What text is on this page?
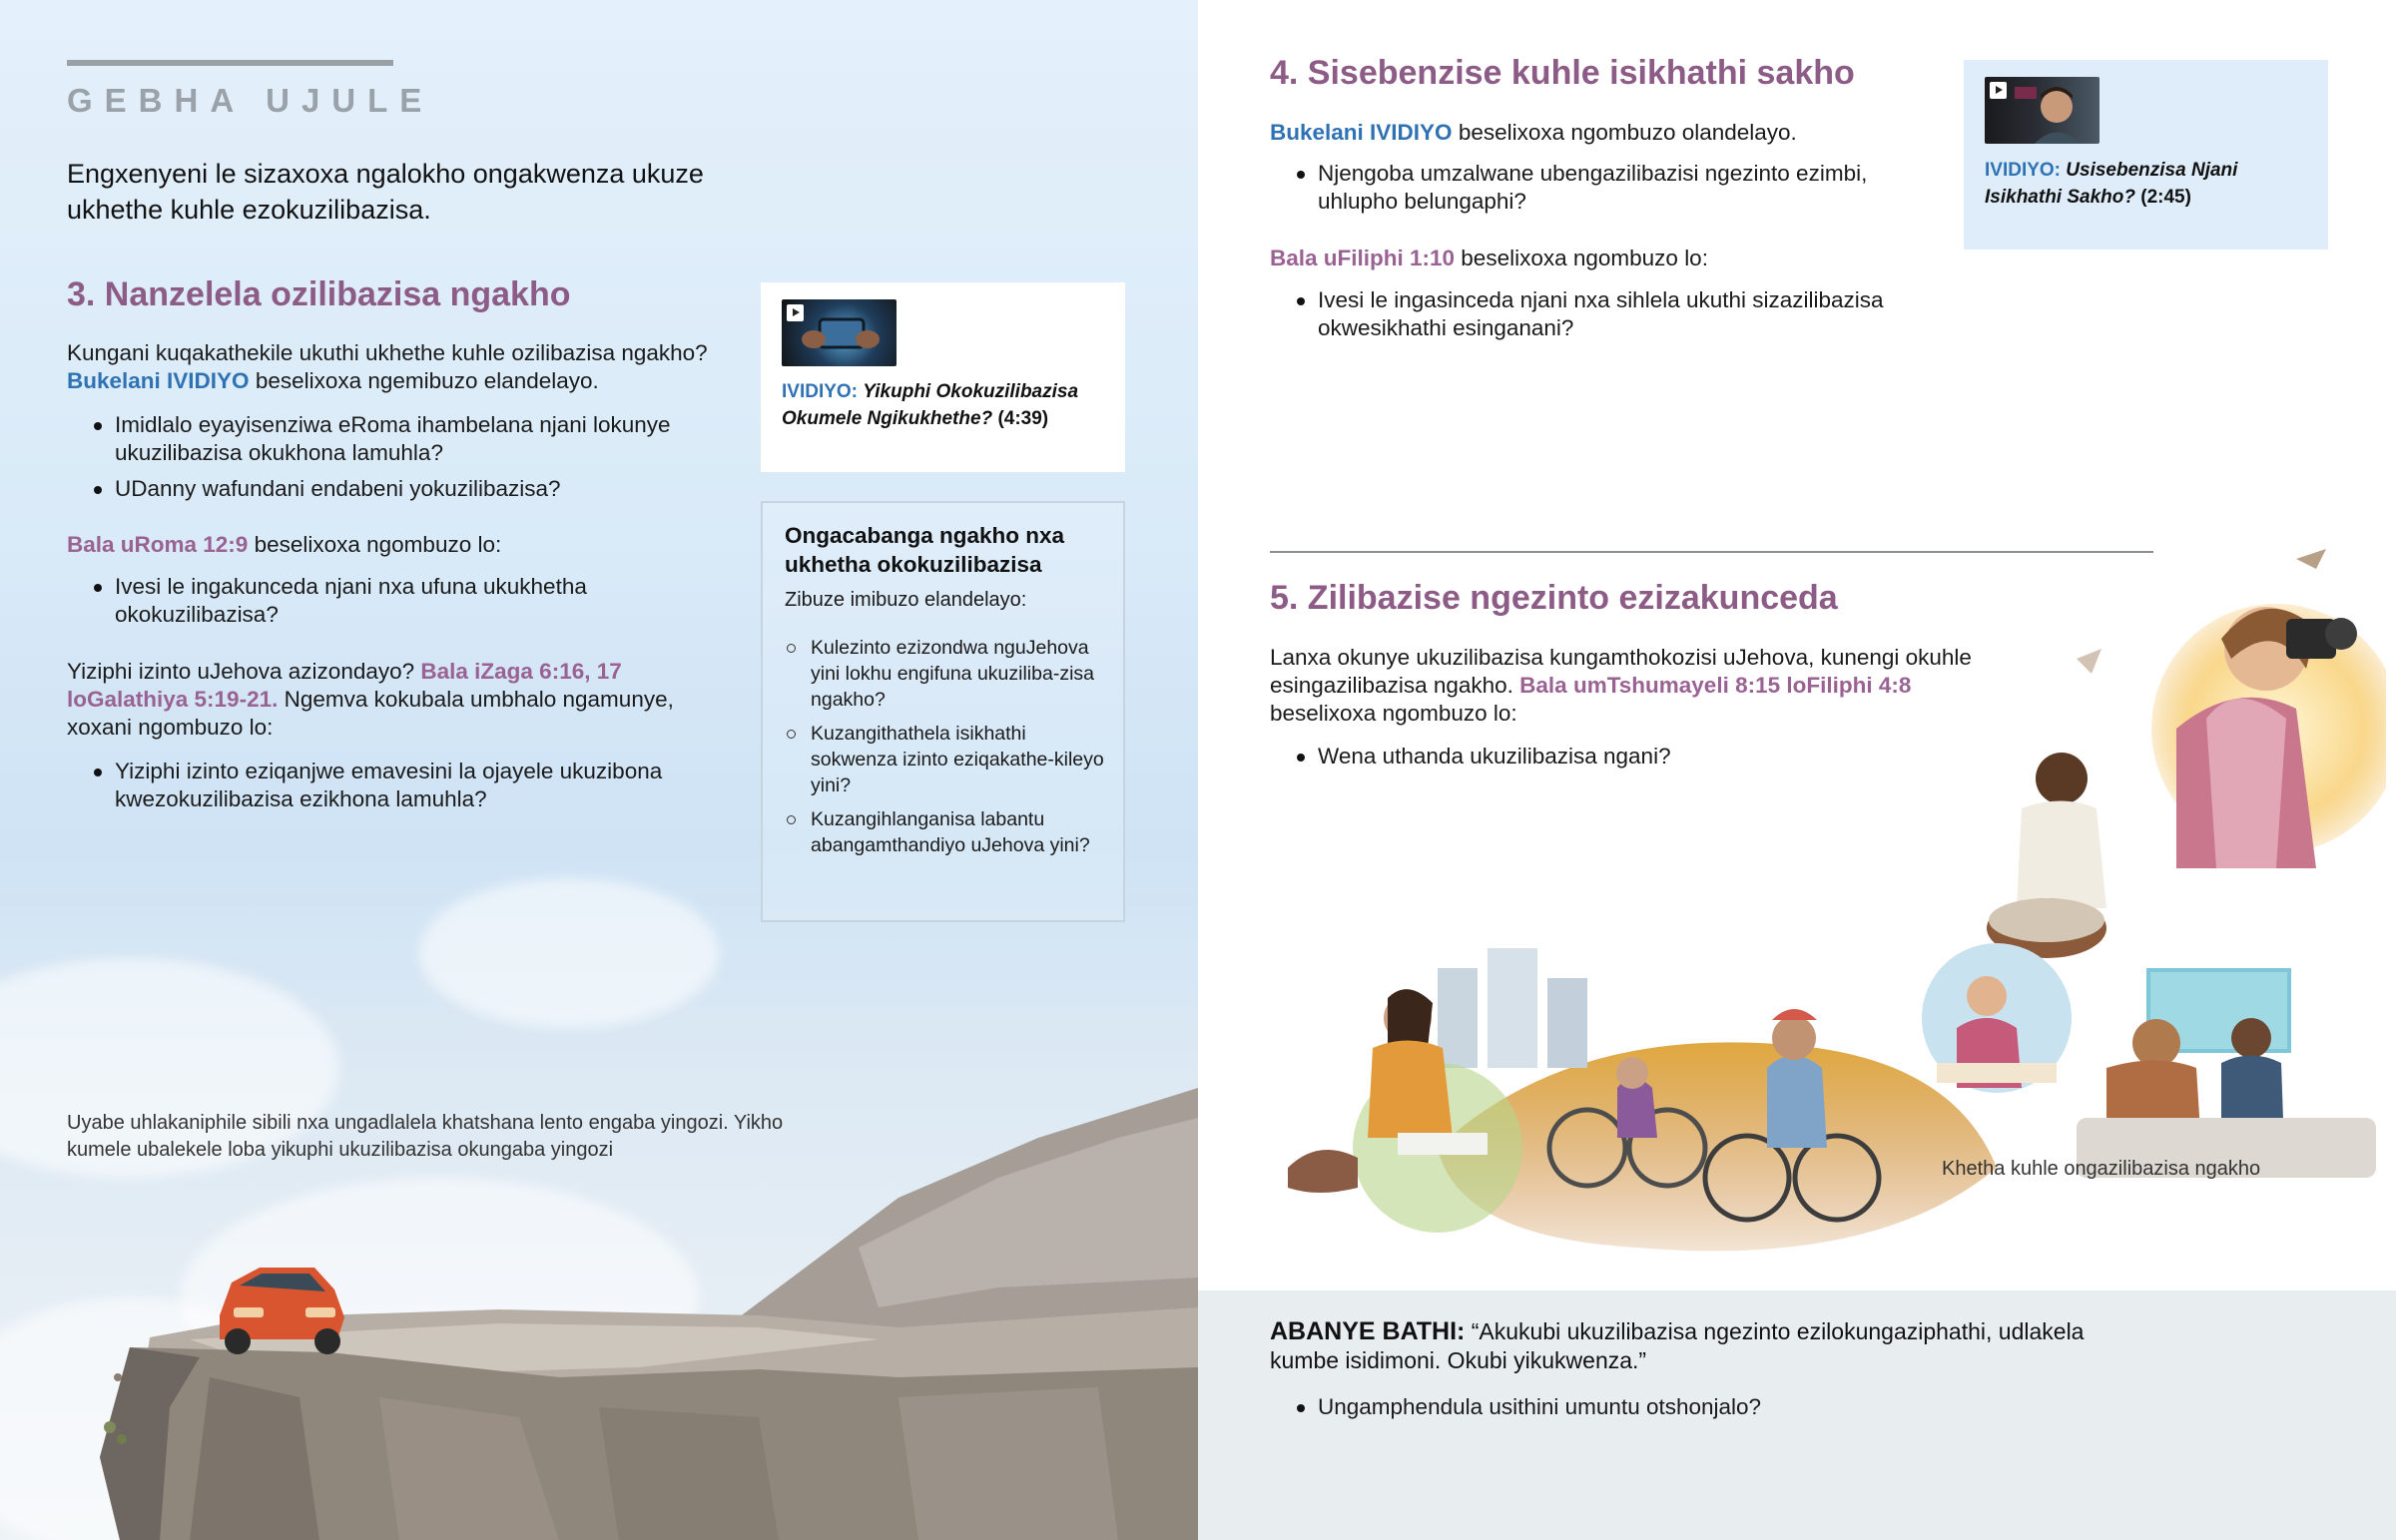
GEBHA UJULE
Engxenyeni le sizaxoxa ngalokho ongakwenza ukuze ukhethe kuhle ezokuzilibazisa.
3. Nanzelela ozilibazisa ngakho
Kungani kuqakathekile ukuthi ukhethe kuhle ozilibazisa ngakho?
Bukelani IVIDIYO beselixoxa ngemibuzo elandelayo.
Imidlalo eyayisenziwa eRoma ihambelana njani lokunye ukuzilibazisa okukhona lamuhla?
UDanny wafundani endabeni yokuzilibazisa?
Bala uRoma 12:9 beselixoxa ngombuzo lo:
Ivesi le ingakunceda njani nxa ufuna ukukhetha okokuzilibazisa?
Yiziphi izinto uJehova azizondayo? Bala iZaga 6:16, 17 loGalathiya 5:19-21. Ngemva kokubala umbhalo ngamunye, xoxani ngombuzo lo:
Yiziphi izinto eziqanjwe emavesini la ojayele ukuzibona kwezokuzilibazisa ezikhona lamuhla?
IVIDIYO: Yikuphi Okokuzilibazisa Okumele Ngikukhethe? (4:39)
Ongacabanga ngakho nxa ukhetha okokuzilibazisa
Zibuze imibuzo elandelayo:
Kulezinto ezizondwa nguJehova yini lokhu engifuna ukuziliba-zisa ngakho?
Kuzangithathela isikhathi sokwenza izinto eziqakathe-kileyo yini?
Kuzangihlanganisa labantu abangamthandiyo uJehova yini?
Uyabe uhlakaniphile sibili nxa ungadlalela khatshana lento engaba yingozi. Yikho kumele ubalekele loba yikuphi ukuzilibazisa okungaba yingozi
4. Sisebenzise kuhle isikhathi sakho
Bukelani IVIDIYO beselixoxa ngombuzo olandelayo.
Njengoba umzalwane ubengazilibazisi ngezinto ezimbi, uhlupho belungaphi?
Bala uFiliphi 1:10 beselixoxa ngombuzo lo:
Ivesi le ingasinceda njani nxa sihlela ukuthi sizazilibazisa okwesikhathi esinganani?
IVIDIYO: Usisebenzisa Njani Isikhathi Sakho? (2:45)
5. Zilibazise ngezinto ezizakunceda
Lanxa okunye ukuzilibazisa kungamthokozisi uJehova, kunengi okuhle esingazilibazisa ngakho. Bala umTshumayeli 8:15 loFiliphi 4:8 beselixoxa ngombuzo lo:
Wena uthanda ukuzilibazisa ngani?
Khetha kuhle ongazilibazisa ngakho
ABANYE BATHI: “Akukubi ukuzilibazisa ngezinto ezilokungaziphathi, udlakela kumbe isidimoni. Okubi yikukwenza.”
Ungamphendula usithini umuntu otshonjalo?
